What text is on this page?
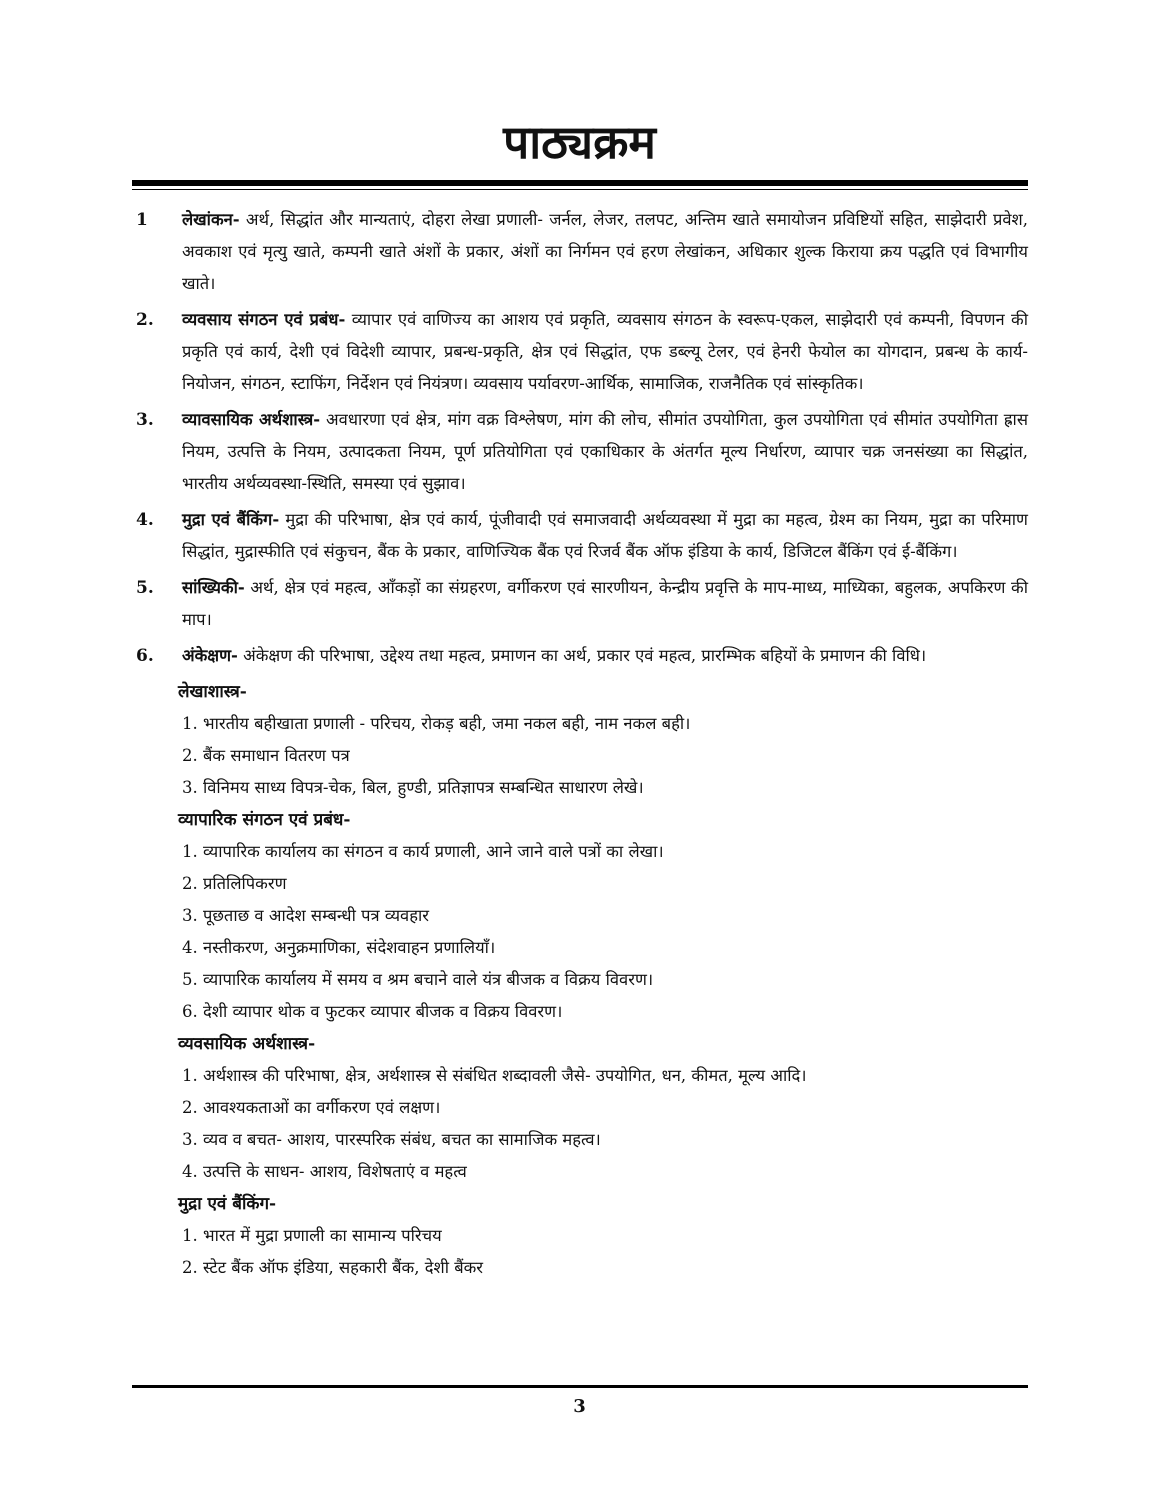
पाठ्यक्रम
1	लेखांकन- अर्थ, सिद्धांत और मान्यताएं, दोहरा लेखा प्रणाली- जर्नल, लेजर, तलपट, अन्तिम खाते समायोजन प्रविष्टियों सहित, साझेदारी प्रवेश, अवकाश एवं मृत्यु खाते, कम्पनी खाते अंशों के प्रकार, अंशों का निर्गमन एवं हरण लेखांकन, अधिकार शुल्क किराया क्रय पद्धति एवं विभागीय खाते।
2.	व्यवसाय संगठन एवं प्रबंध- व्यापार एवं वाणिज्य का आशय एवं प्रकृति, व्यवसाय संगठन के स्वरूप-एकल, साझेदारी एवं कम्पनी, विपणन की प्रकृति एवं कार्य, देशी एवं विदेशी व्यापार, प्रबन्ध-प्रकृति, क्षेत्र एवं सिद्धांत, एफ डब्ल्यू टेलर, एवं हेनरी फेयोल का योगदान, प्रबन्ध के कार्य-नियोजन, संगठन, स्टाफिंग, निर्देशन एवं नियंत्रण। व्यवसाय पर्यावरण-आर्थिक, सामाजिक, राजनैतिक एवं सांस्कृतिक।
3.	व्यावसायिक अर्थशास्त्र- अवधारणा एवं क्षेत्र, मांग वक्र विश्लेषण, मांग की लोच, सीमांत उपयोगिता, कुल उपयोगिता एवं सीमांत उपयोगिता ह्रास नियम, उत्पत्ति के नियम, उत्पादकता नियम, पूर्ण प्रतियोगिता एवं एकाधिकार के अंतर्गत मूल्य निर्धारण, व्यापार चक्र जनसंख्या का सिद्धांत, भारतीय अर्थव्यवस्था-स्थिति, समस्या एवं सुझाव।
4.	मुद्रा एवं बैंकिंग- मुद्रा की परिभाषा, क्षेत्र एवं कार्य, पूंजीवादी एवं समाजवादी अर्थव्यवस्था में मुद्रा का महत्व, ग्रेश्म का नियम, मुद्रा का परिमाण सिद्धांत, मुद्रास्फीति एवं संकुचन, बैंक के प्रकार, वाणिज्यिक बैंक एवं रिजर्व बैंक ऑफ इंडिया के कार्य, डिजिटल बैंकिंग एवं ई-बैंकिंग।
5.	सांख्यिकी- अर्थ, क्षेत्र एवं महत्व, आँकड़ों का संग्रहरण, वर्गीकरण एवं सारणीयन, केन्द्रीय प्रवृत्ति के माप-माध्य, माध्यिका, बहुलक, अपकिरण की माप।
6.	अंकेक्षण- अंकेक्षण की परिभाषा, उद्देश्य तथा महत्व, प्रमाणन का अर्थ, प्रकार एवं महत्व, प्रारम्भिक बहियों के प्रमाणन की विधि।
लेखाशास्त्र-
1. भारतीय बहीखाता प्रणाली - परिचय, रोकड़ बही, जमा नकल बही, नाम नकल बही।
2. बैंक समाधान वितरण पत्र
3. विनिमय साध्य विपत्र-चेक, बिल, हुण्डी, प्रतिज्ञापत्र सम्बन्धित साधारण लेखे।
व्यापारिक संगठन एवं प्रबंध-
1. व्यापारिक कार्यालय का संगठन व कार्य प्रणाली, आने जाने वाले पत्रों का लेखा।
2. प्रतिलिपिकरण
3. पूछताछ व आदेश सम्बन्धी पत्र व्यवहार
4. नस्तीकरण, अनुक्रमाणिका, संदेशवाहन प्रणालियाँ।
5. व्यापारिक कार्यालय में समय व श्रम बचाने वाले यंत्र बीजक व विक्रय विवरण।
6. देशी व्यापार थोक व फुटकर व्यापार बीजक व विक्रय विवरण।
व्यवसायिक अर्थशास्त्र-
1. अर्थशास्त्र की परिभाषा, क्षेत्र, अर्थशास्त्र से संबंधित शब्दावली जैसे- उपयोगित, धन, कीमत, मूल्य आदि।
2. आवश्यकताओं का वर्गीकरण एवं लक्षण।
3. व्यव व बचत- आशय, पारस्परिक संबंध, बचत का सामाजिक महत्व।
4. उत्पत्ति के साधन- आशय, विशेषताएं व महत्व
मुद्रा एवं बैंकिंग-
1. भारत में मुद्रा प्रणाली का सामान्य परिचय
2. स्टेट बैंक ऑफ इंडिया, सहकारी बैंक, देशी बैंकर
3
